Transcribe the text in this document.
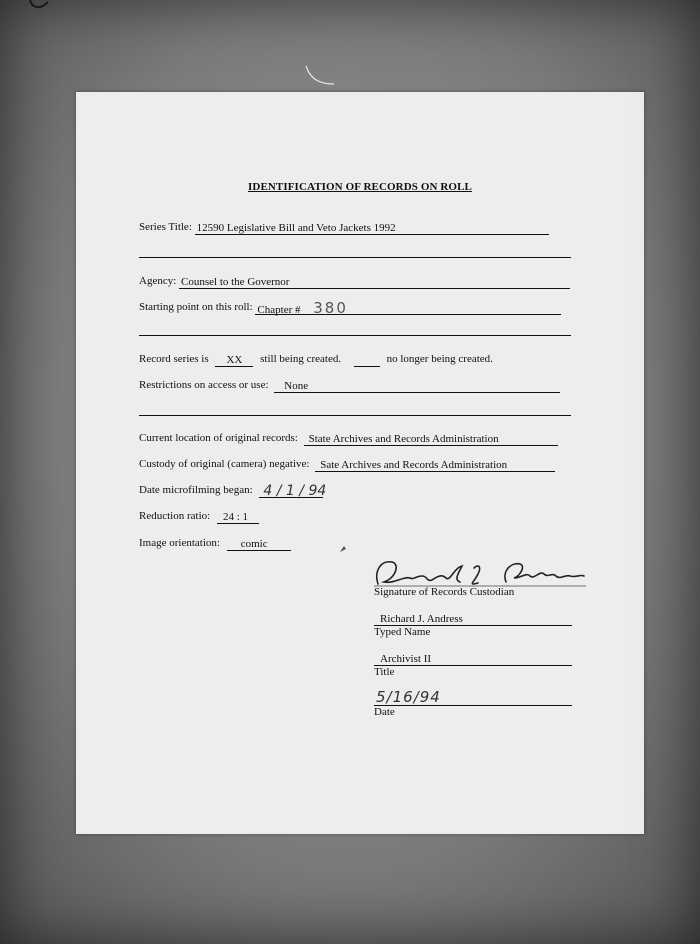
IDENTIFICATION OF RECORDS ON ROLL
Series Title: 12590 Legislative Bill and Veto Jackets 1992
Agency: Counsel to the Governor
Starting point on this roll: Chapter # 380
Record series is XX still being created.	no longer being created.
Restrictions on access or use: None
Current location of original records: State Archives and Records Administration
Custody of original (camera) negative: Sate Archives and Records Administration
Date microfilming began: 4 / 1 / 94
Reduction ratio: 24 : 1
Image orientation: comic
Signature of Records Custodian
Richard J. Andress
Typed Name
Archivist II
Title
5/16/94
Date
